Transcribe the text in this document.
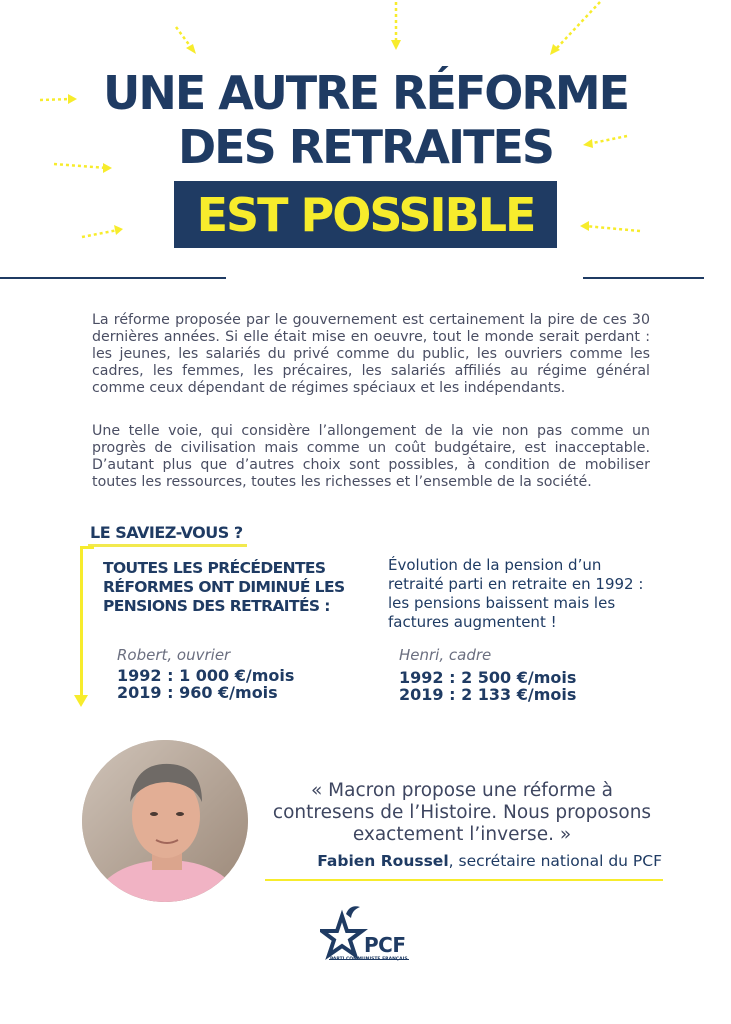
UNE AUTRE RÉFORME
DES RETRAITES
EST POSSIBLE
La réforme proposée par le gouvernement est certainement la pire de ces 30 dernières années. Si elle était mise en oeuvre, tout le monde serait perdant : les jeunes, les salariés du privé comme du public, les ouvriers comme les cadres, les femmes, les précaires, les salariés affiliés au régime général comme ceux dépendant de régimes spéciaux et les indépendants.
Une telle voie, qui considère l’allongement de la vie non pas comme un progrès de civilisation mais comme un coût budgétaire, est inacceptable. D’autant plus que d’autres choix sont possibles, à condition de mobiliser toutes les ressources, toutes les richesses et l’ensemble de la société.
LE SAVIEZ-VOUS ?
TOUTES LES PRÉCÉDENTES RÉFORMES ONT DIMINUÉ LES PENSIONS DES RETRAITÉS :
Évolution de la pension d’un retraité parti en retraite en 1992 : les pensions baissent mais les factures augmentent !
Robert, ouvrier
1992 : 1 000 €/mois
2019 : 960 €/mois
Henri, cadre
1992 : 2 500 €/mois
2019 : 2 133 €/mois
« Macron propose une réforme à contresens de l’Histoire. Nous proposons exactement l’inverse. »
Fabien Roussel, secrétaire national du PCF
PCF
PARTI COMMUNISTE FRANÇAIS
